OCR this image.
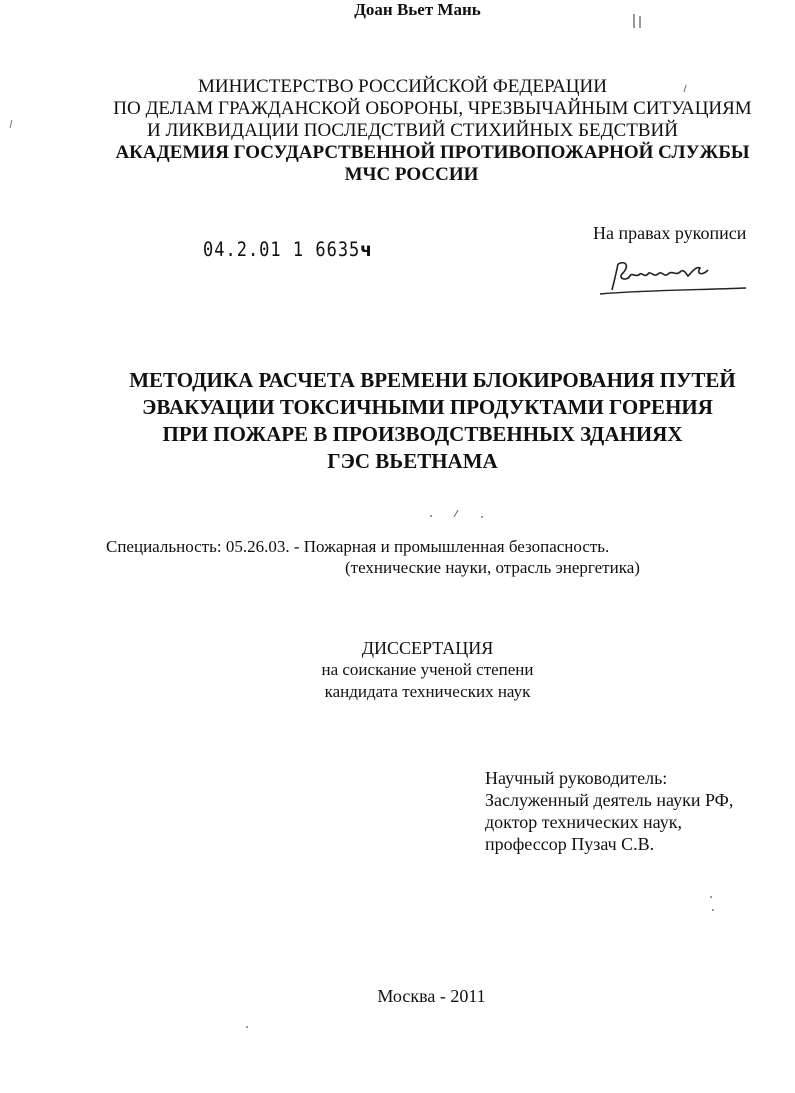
МИНИСТЕРСТВО РОССИЙСКОЙ ФЕДЕРАЦИИ
ПО ДЕЛАМ ГРАЖДАНСКОЙ ОБОРОНЫ, ЧРЕЗВЫЧАЙНЫМ СИТУАЦИЯМ
И ЛИКВИДАЦИИ ПОСЛЕДСТВИЙ СТИХИЙНЫХ БЕДСТВИЙ
АКАДЕМИЯ ГОСУДАРСТВЕННОЙ ПРОТИВОПОЖАРНОЙ СЛУЖБЫ
МЧС РОССИИ
04.2.01 1 6635ч
На правах рукописи
Доан Вьет Мань
МЕТОДИКА РАСЧЕТА ВРЕМЕНИ БЛОКИРОВАНИЯ ПУТЕЙ
ЭВАКУАЦИИ ТОКСИЧНЫМИ ПРОДУКТАМИ ГОРЕНИЯ
ПРИ ПОЖАРЕ В ПРОИЗВОДСТВЕННЫХ ЗДАНИЯХ
ГЭС ВЬЕТНАМА
Специальность: 05.26.03. - Пожарная и промышленная безопасность.
(технические науки, отрасль энергетика)
ДИССЕРТАЦИЯ
на соискание ученой степени
кандидата технических наук
Научный руководитель:
Заслуженный деятель науки РФ,
доктор технических наук,
профессор Пузач С.В.
Москва - 2011
